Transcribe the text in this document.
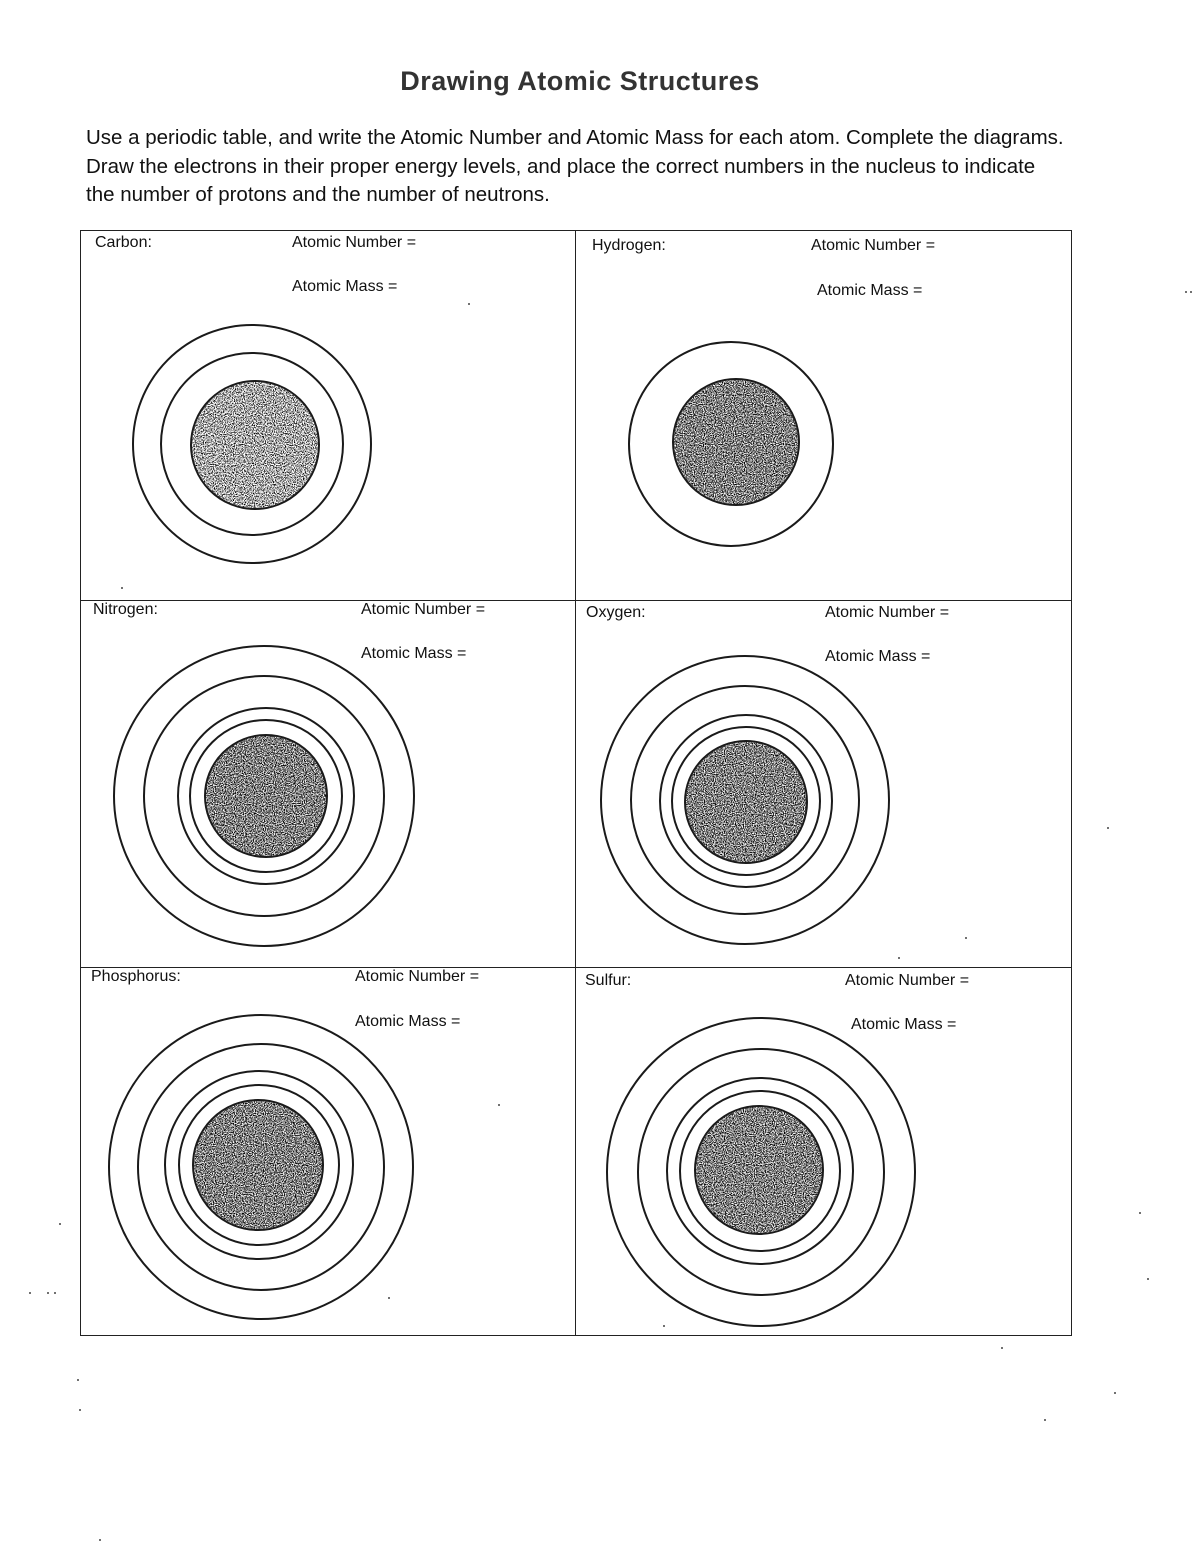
Drawing Atomic Structures
Use a periodic table, and write the Atomic Number and Atomic Mass for each atom. Complete the diagrams. Draw the electrons in their proper energy levels, and place the correct numbers in the nucleus to indicate the number of protons and the number of neutrons.
Carbon:	Atomic Number =
Atomic Mass =
Hydrogen:	Atomic Number =
Atomic Mass =
Nitrogen:	Atomic Number =
Atomic Mass =
Oxygen:	Atomic Number =
Atomic Mass =
Phosphorus:	Atomic Number =
Atomic Mass =
Sulfur:	Atomic Number =
Atomic Mass =
